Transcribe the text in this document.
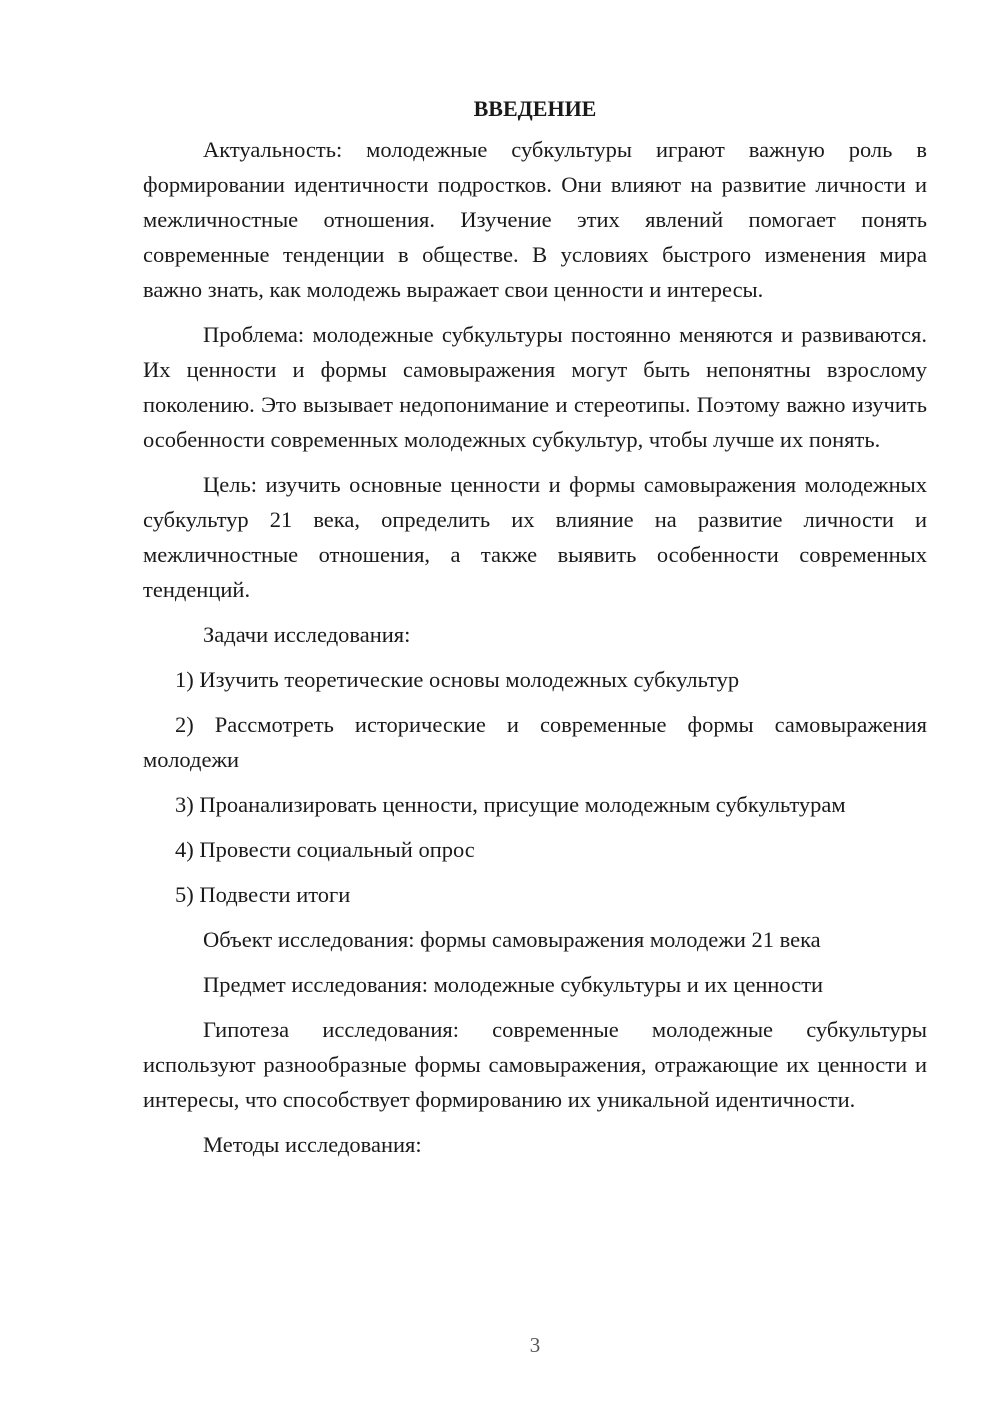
ВВЕДЕНИЕ

Актуальность: молодежные субкультуры играют важную роль в формировании идентичности подростков. Они влияют на развитие личности и межличностные отношения. Изучение этих явлений помогает понять современные тенденции в обществе. В условиях быстрого изменения мира важно знать, как молодежь выражает свои ценности и интересы.

Проблема: молодежные субкультуры постоянно меняются и развиваются. Их ценности и формы самовыражения могут быть непонятны взрослому поколению. Это вызывает недопонимание и стереотипы. Поэтому важно изучить особенности современных молодежных субкультур, чтобы лучше их понять.

Цель: изучить основные ценности и формы самовыражения молодежных субкультур 21 века, определить их влияние на развитие личности и межличностные отношения, а также выявить особенности современных тенденций.

Задачи исследования:

1) Изучить теоретические основы молодежных субкультур

2) Рассмотреть исторические и современные формы самовыражения молодежи

3) Проанализировать ценности, присущие молодежным субкультурам

4) Провести социальный опрос

5) Подвести итоги

Объект исследования: формы самовыражения молодежи 21 века

Предмет исследования: молодежные субкультуры и их ценности

Гипотеза исследования: современные молодежные субкультуры используют разнообразные формы самовыражения, отражающие их ценности и интересы, что способствует формированию их уникальной идентичности.

Методы исследования:

3
